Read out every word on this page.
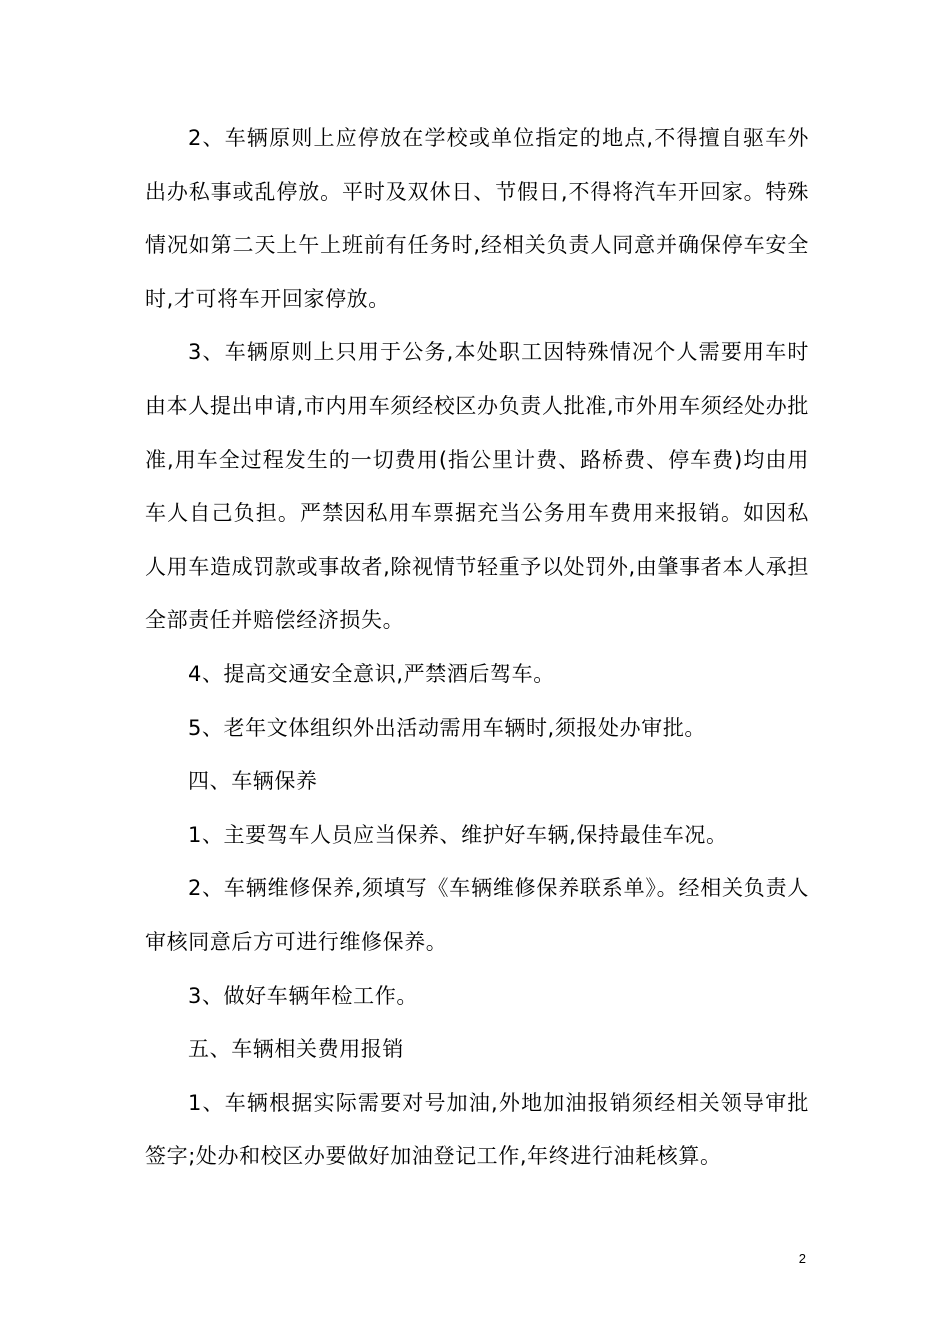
2、车辆原则上应停放在学校或单位指定的地点,不得擅自驱车外出办私事或乱停放。平时及双休日、节假日,不得将汽车开回家。特殊情况如第二天上午上班前有任务时,经相关负责人同意并确保停车安全时,才可将车开回家停放。

3、车辆原则上只用于公务,本处职工因特殊情况个人需要用车时由本人提出申请,市内用车须经校区办负责人批准,市外用车须经处办批准,用车全过程发生的一切费用(指公里计费、路桥费、停车费)均由用车人自己负担。严禁因私用车票据充当公务用车费用来报销。如因私人用车造成罚款或事故者,除视情节轻重予以处罚外,由肇事者本人承担全部责任并赔偿经济损失。

4、提高交通安全意识,严禁酒后驾车。

5、老年文体组织外出活动需用车辆时,须报处办审批。

四、车辆保养

1、主要驾车人员应当保养、维护好车辆,保持最佳车况。

2、车辆维修保养,须填写《车辆维修保养联系单》。经相关负责人审核同意后方可进行维修保养。

3、做好车辆年检工作。

五、车辆相关费用报销

1、车辆根据实际需要对号加油,外地加油报销须经相关领导审批签字;处办和校区办要做好加油登记工作,年终进行油耗核算。

2
